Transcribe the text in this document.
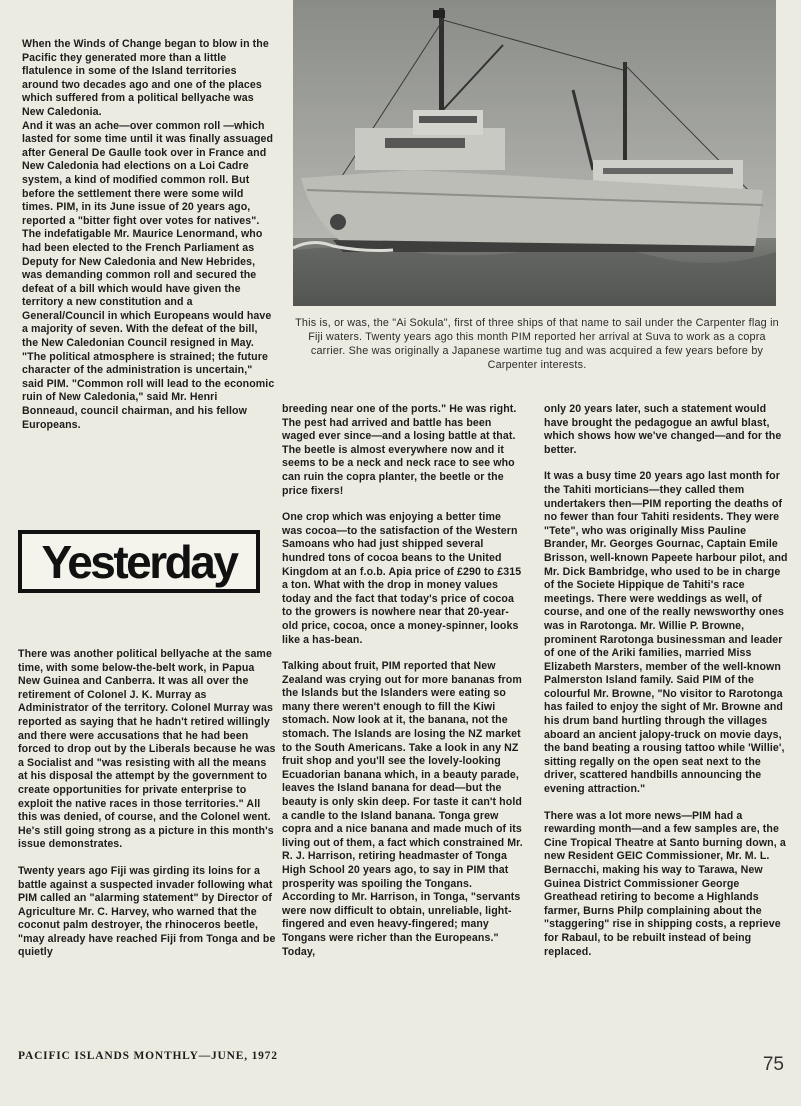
When the Winds of Change began to blow in the Pacific they generated more than a little flatulence in some of the Island territories around two decades ago and one of the places which suffered from a political bellyache was New Caledonia.

And it was an ache—over common roll —which lasted for some time until it was finally assuaged after General De Gaulle took over in France and New Caledonia had elections on a Loi Cadre system, a kind of modified common roll. But before the settlement there were some wild times. PIM, in its June issue of 20 years ago, reported a "bitter fight over votes for natives".

The indefatigable Mr. Maurice Lenormand, who had been elected to the French Parliament as Deputy for New Caledonia and New Hebrides, was demanding common roll and secured the defeat of a bill which would have given the territory a new constitution and a General/Council in which Europeans would have a majority of seven. With the defeat of the bill, the New Caledonian Council resigned in May. "The political atmosphere is strained; the future character of the administration is uncertain," said PIM. "Common roll will lead to the economic ruin of New Caledonia," said Mr. Henri Bonneaud, council chairman, and his fellow Europeans.

Yesterday

There was another political bellyache at the same time, with some below-the-belt work, in Papua New Guinea and Canberra. It was all over the retirement of Colonel J. K. Murray as Administrator of the territory. Colonel Murray was reported as saying that he hadn't retired willingly and there were accusations that he had been forced to drop out by the Liberals because he was a Socialist and "was resisting with all the means at his disposal the attempt by the government to create opportunities for private enterprise to exploit the native races in those territories." All this was denied, of course, and the Colonel went. He's still going strong as a picture in this month's issue demonstrates.

Twenty years ago Fiji was girding its loins for a battle against a suspected invader following what PIM called an "alarming statement" by Director of Agriculture Mr. C. Harvey, who warned that the coconut palm destroyer, the rhinoceros beetle, "may already have reached Fiji from Tonga and be quietly

This is, or was, the "Ai Sokula", first of three ships of that name to sail under the Carpenter flag in Fiji waters. Twenty years ago this month PIM reported her arrival at Suva to work as a copra carrier. She was originally a Japanese wartime tug and was acquired a few years before by Carpenter interests.

breeding near one of the ports." He was right. The pest had arrived and battle has been waged ever since—and a losing battle at that. The beetle is almost everywhere now and it seems to be a neck and neck race to see who can ruin the copra planter, the beetle or the price fixers!

One crop which was enjoying a better time was cocoa—to the satisfaction of the Western Samoans who had just shipped several hundred tons of cocoa beans to the United Kingdom at an f.o.b. Apia price of £290 to £315 a ton. What with the drop in money values today and the fact that today's price of cocoa to the growers is nowhere near that 20-year-old price, cocoa, once a money-spinner, looks like a has-bean.

Talking about fruit, PIM reported that New Zealand was crying out for more bananas from the Islands but the Islanders were eating so many there weren't enough to fill the Kiwi stomach. Now look at it, the banana, not the stomach. The Islands are losing the NZ market to the South Americans. Take a look in any NZ fruit shop and you'll see the lovely-looking Ecuadorian banana which, in a beauty parade, leaves the Island banana for dead—but the beauty is only skin deep. For taste it can't hold a candle to the Island banana. Tonga grew copra and a nice banana and made much of its living out of them, a fact which constrained Mr. R. J. Harrison, retiring headmaster of Tonga High School 20 years ago, to say in PIM that prosperity was spoiling the Tongans. According to Mr. Harrison, in Tonga, "servants were now difficult to obtain, unreliable, light-fingered and even heavy-fingered; many Tongans were richer than the Europeans." Today,

only 20 years later, such a statement would have brought the pedagogue an awful blast, which shows how we've changed—and for the better.

It was a busy time 20 years ago last month for the Tahiti morticians—they called them undertakers then—PIM reporting the deaths of no fewer than four Tahiti residents. They were "Tete", who was originally Miss Pauline Brander, Mr. Georges Gournac, Captain Emile Brisson, well-known Papeete harbour pilot, and Mr. Dick Bambridge, who used to be in charge of the Societe Hippique de Tahiti's race meetings. There were weddings as well, of course, and one of the really newsworthy ones was in Rarotonga. Mr. Willie P. Browne, prominent Rarotonga businessman and leader of one of the Ariki families, married Miss Elizabeth Marsters, member of the well-known Palmerston Island family. Said PIM of the colourful Mr. Browne, "No visitor to Rarotonga has failed to enjoy the sight of Mr. Browne and his drum band hurtling through the villages aboard an ancient jalopy-truck on movie days, the band beating a rousing tattoo while 'Willie', sitting regally on the open seat next to the driver, scattered handbills announcing the evening attraction."

There was a lot more news—PIM had a rewarding month—and a few samples are, the Cine Tropical Theatre at Santo burning down, a new Resident GEIC Commissioner, Mr. M. L. Bernacchi, making his way to Tarawa, New Guinea District Commissioner George Greathead retiring to become a Highlands farmer, Burns Philp complaining about the "staggering" rise in shipping costs, a reprieve for Rabaul, to be rebuilt instead of being replaced.

PACIFIC ISLANDS MONTHLY—JUNE, 1972	75
